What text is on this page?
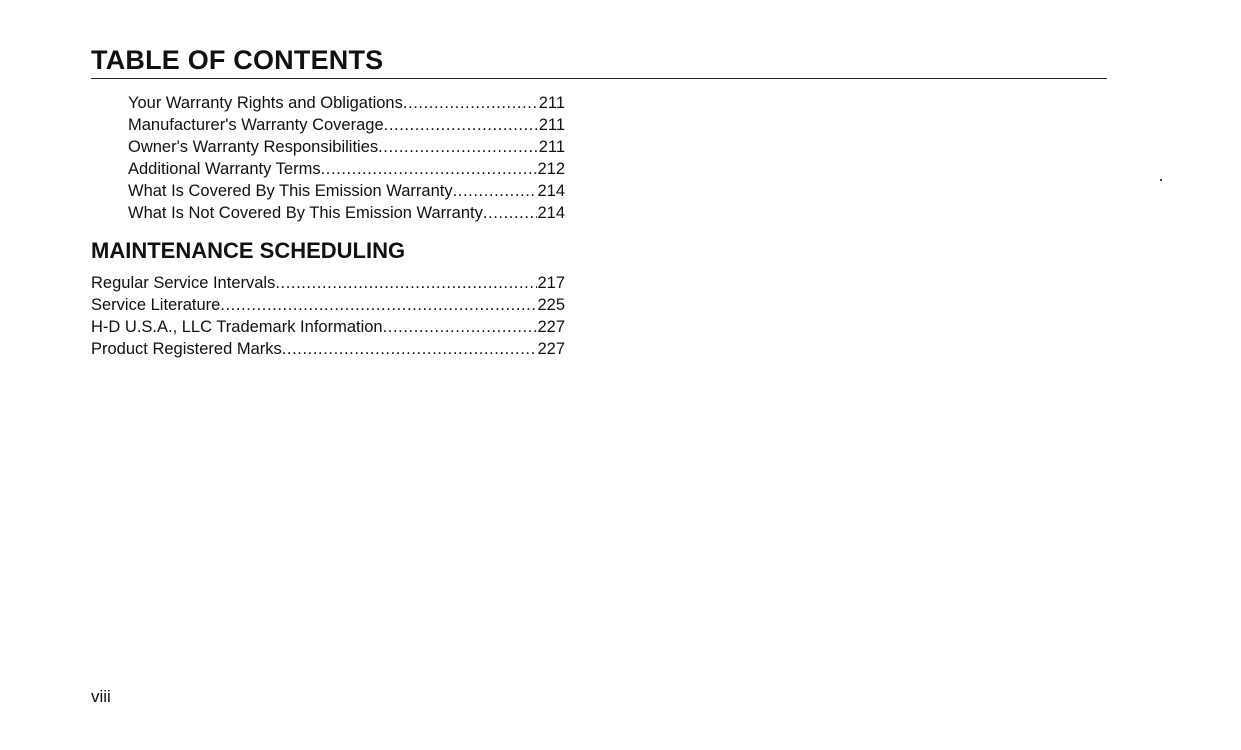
TABLE OF CONTENTS
Your Warranty Rights and Obligations .....	211
Manufacturer's Warranty Coverage .....	211
Owner's Warranty Responsibilities .....	211
Additional Warranty Terms .....	212
What Is Covered By This Emission Warranty .....	214
What Is Not Covered By This Emission Warranty .....	214
MAINTENANCE SCHEDULING
Regular Service Intervals .....	217
Service Literature .....	225
H-D U.S.A., LLC Trademark Information .....	227
Product Registered Marks .....	227
viii
